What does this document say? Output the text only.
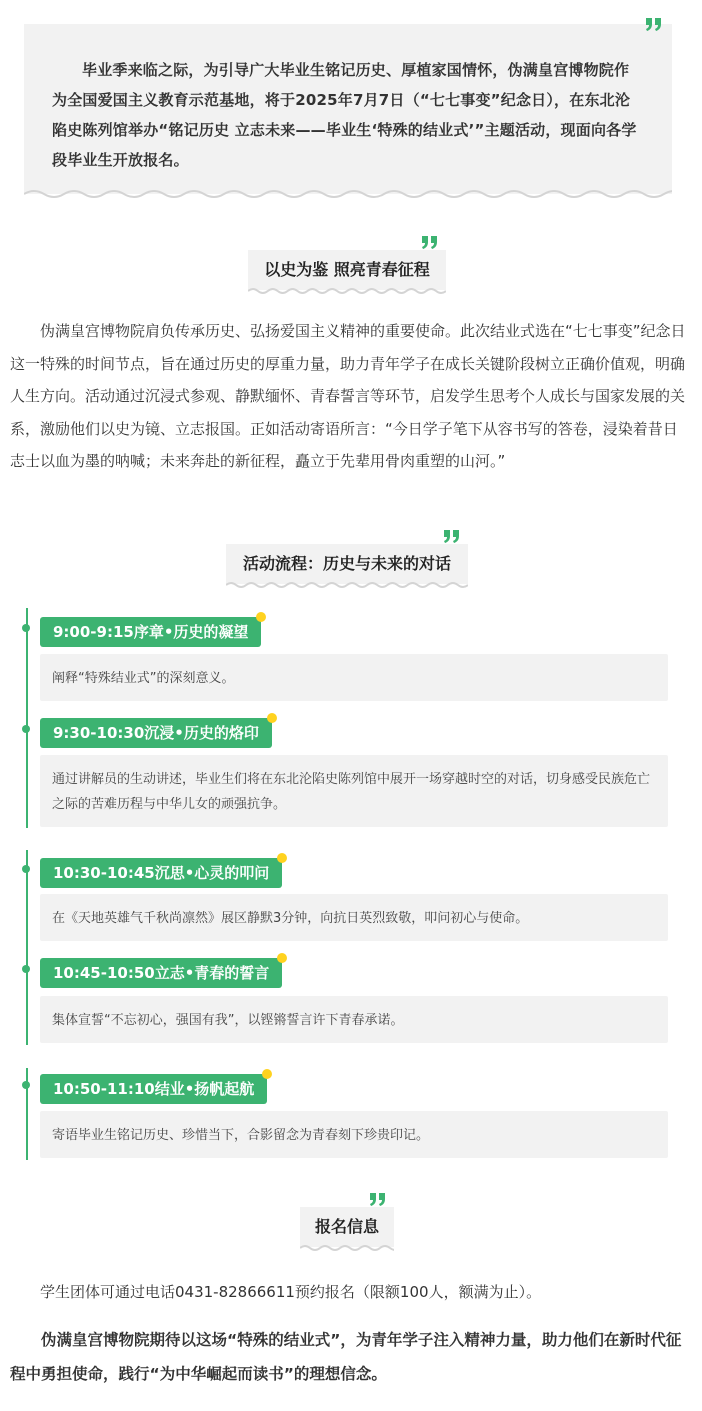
毕业季来临之际，为引导广大毕业生铭记历史、厚植家国情怀，伪满皇宫博物院作为全国爱国主义教育示范基地，将于2025年7月7日（“七七事变”纪念日），在东北沦陷史陈列馆举办“铭记历史 立志未来——毕业生‘特殊的结业式’”主题活动，现面向各学段毕业生开放报名。

以史为鉴 照亮青春征程

伪满皇宫博物院肩负传承历史、弘扬爱国主义精神的重要使命。此次结业式选在“七七事变”纪念日这一特殊的时间节点，旨在通过历史的厚重力量，助力青年学子在成长关键阶段树立正确价值观，明确人生方向。活动通过沉浸式参观、静默缅怀、青春誓言等环节，启发学生思考个人成长与国家发展的关系，激励他们以史为镜、立志报国。正如活动寄语所言：“今日学子笔下从容书写的答卷，浸染着昔日志士以血为墨的呐喊；未来奔赴的新征程，矗立于先辈用骨肉重塑的山河。”

活动流程：历史与未来的对话
9:00-9:15序章•历史的凝望
阐释“特殊结业式”的深刻意义。
9:30-10:30沉浸•历史的烙印
通过讲解员的生动讲述，毕业生们将在东北沦陷史陈列馆中展开一场穿越时空的对话，切身感受民族危亡之际的苦难历程与中华儿女的顽强抗争。
10:30-10:45沉思•心灵的叩问
在《天地英雄气千秋尚凛然》展区静默3分钟，向抗日英烈致敬，叩问初心与使命。
10:45-10:50立志•青春的誓言
集体宣誓“不忘初心，强国有我”，以铿锵誓言许下青春承诺。
10:50-11:10结业•扬帆起航
寄语毕业生铭记历史、珍惜当下，合影留念为青春刻下珍贵印记。
报名信息

学生团体可通过电话0431-82866611预约报名（限额100人，额满为止）。

伪满皇宫博物院期待以这场“特殊的结业式”，为青年学子注入精神力量，助力他们在新时代征程中勇担使命，践行“为中华崛起而读书”的理想信念。
